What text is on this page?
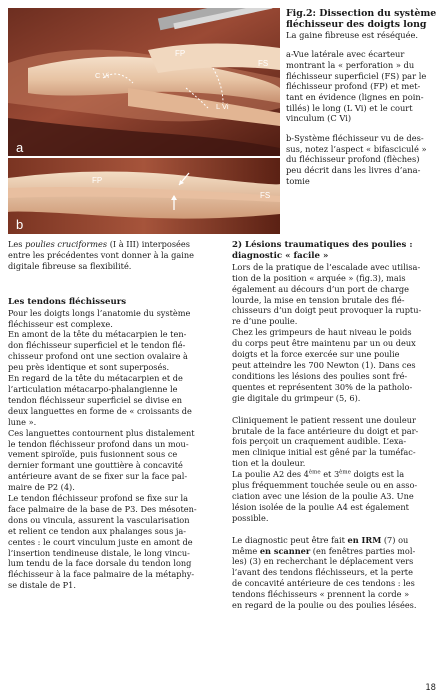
FP
FS
C Vi
L Vi
a
FP
FS
b

Fig.2: Dissection du système

fléchisseur des doigts long

La gaine fibreuse est réséquée.

a-Vue latérale avec écarteur

montrant la « perforation » du

fléchisseur superficiel (FS) par le

fléchisseur profond (FP) et met-

tant en évidence (lignes en poin-

tillés) le long (L Vi) et le court

vinculum (C Vi)

b-Système fléchisseur vu de des-

sus, notez l’aspect « bifasciculé »

du fléchisseur profond (flèches)

peu décrit dans les livres d’ana-

tomie

Les poulies cruciformes (I à III) interposées

entre les précédentes vont donner à la gaine

digitale fibreuse sa flexibilité.

Les tendons fléchisseurs

Pour les doigts longs l’anatomie du système

fléchisseur est complexe.

En amont de la tête du métacarpien le ten-

don fléchisseur superficiel et le tendon flé-

chisseur profond ont une section ovalaire à

peu près identique et sont superposés.

En regard de la tête du métacarpien et de

l’articulation métacarpo-phalangienne le

tendon fléchisseur superficiel se divise en

deux languettes en forme de « croissants de

lune ».

Ces languettes contournent plus distalement

le tendon fléchisseur profond dans un mou-

vement spiroïde, puis fusionnent sous ce

dernier formant une gouttière à concavité

antérieure avant de se fixer sur la face pal-

maire de P2 (4).

Le tendon fléchisseur profond se fixe sur la

face palmaire de la base de P3. Des mésoten-

dons ou vincula, assurent la vascularisation

et relient ce tendon aux phalanges sous ja-

centes : le court vinculum juste en amont de

l’insertion tendineuse distale, le long vincu-

lum tendu de la face dorsale du tendon long

fléchisseur à la face palmaire de la métaphy-

se distale de P1.

2) Lésions traumatiques des poulies :

diagnostic « facile »

Lors de la pratique de l’escalade avec utilisa-

tion de la position « arquée » (fig.3), mais

également au décours d’un port de charge

lourde, la mise en tension brutale des flé-

chisseurs d’un doigt peut provoquer la ruptu-

re d’une poulie.

Chez les grimpeurs de haut niveau le poids

du corps peut être maintenu par un ou deux

doigts et la force exercée sur une poulie

peut atteindre les 700 Newton (1). Dans ces

conditions les lésions des poulies sont fré-

quentes et représentent 30% de la patholo-

gie digitale du grimpeur (5, 6).

Cliniquement le patient ressent une douleur

brutale de la face antérieure du doigt et par-

fois perçoit un craquement audible. L’exa-

men clinique initial est gêné par la tuméfac-

tion et la douleur.

La poulie A2 des 4ème et 3ème doigts est la

plus fréquemment touchée seule ou en asso-

ciation avec une lésion de la poulie A3. Une

lésion isolée de la poulie A4 est également

possible.

Le diagnostic peut être fait en IRM (7) ou

même en scanner (en fenêtres parties mol-

les) (3) en recherchant le déplacement vers

l’avant des tendons fléchisseurs, et la perte

de concavité antérieure de ces tendons : les

tendons fléchisseurs « prennent la corde »

en regard de la poulie ou des poulies lésées.

18
